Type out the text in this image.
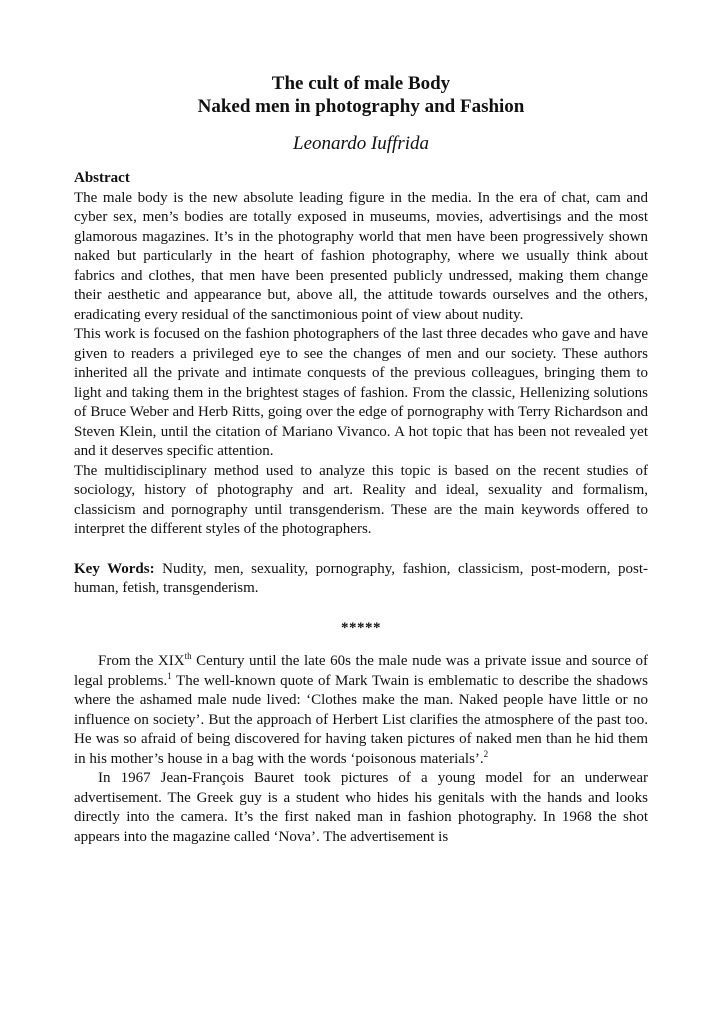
The cult of male Body
Naked men in photography and Fashion
Leonardo Iuffrida
Abstract

The male body is the new absolute leading figure in the media. In the era of chat, cam and cyber sex, men’s bodies are totally exposed in museums, movies, advertisings and the most glamorous magazines. It’s in the photography world that men have been progressively shown naked but particularly in the heart of fashion photography, where we usually think about fabrics and clothes, that men have been presented publicly undressed, making them change their aesthetic and appearance but, above all, the attitude towards ourselves and the others, eradicating every residual of the sanctimonious point of view about nudity.

This work is focused on the fashion photographers of the last three decades who gave and have given to readers a privileged eye to see the changes of men and our society. These authors inherited all the private and intimate conquests of the previous colleagues, bringing them to light and taking them in the brightest stages of fashion. From the classic, Hellenizing solutions of Bruce Weber and Herb Ritts, going over the edge of pornography with Terry Richardson and Steven Klein, until the citation of Mariano Vivanco. A hot topic that has been not revealed yet and it deserves specific attention.

The multidisciplinary method used to analyze this topic is based on the recent studies of sociology, history of photography and art. Reality and ideal, sexuality and formalism, classicism and pornography until transgenderism. These are the main keywords offered to interpret the different styles of the photographers.

Key Words: Nudity, men, sexuality, pornography, fashion, classicism, post-modern, post-human, fetish, transgenderism.

*****

From the XIXth Century until the late 60s the male nude was a private issue and source of legal problems.$^1$ The well-known quote of Mark Twain is emblematic to describe the shadows where the ashamed male nude lived: ‘Clothes make the man. Naked people have little or no influence on society’. But the approach of Herbert List clarifies the atmosphere of the past too. He was so afraid of being discovered for having taken pictures of naked men than he hid them in his mother’s house in a bag with the words ‘poisonous materials’.$^2$

In 1967 Jean-François Bauret took pictures of a young model for an underwear advertisement. The Greek guy is a student who hides his genitals with the hands and looks directly into the camera. It’s the first naked man in fashion photography. In 1968 the shot appears into the magazine called ‘Nova’. The advertisement is
